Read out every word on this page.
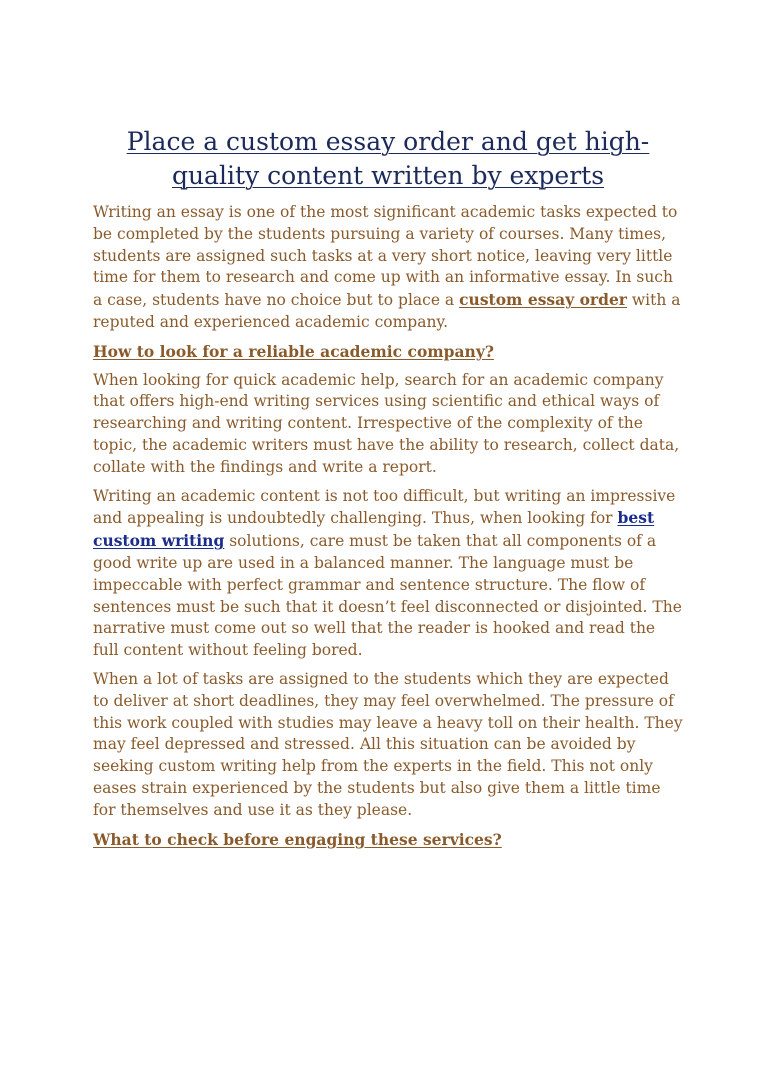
Place a custom essay order and get high-quality content written by experts

Writing an essay is one of the most significant academic tasks expected to be completed by the students pursuing a variety of courses. Many times, students are assigned such tasks at a very short notice, leaving very little time for them to research and come up with an informative essay. In such a case, students have no choice but to place a custom essay order with a reputed and experienced academic company.

How to look for a reliable academic company?

When looking for quick academic help, search for an academic company that offers high-end writing services using scientific and ethical ways of researching and writing content. Irrespective of the complexity of the topic, the academic writers must have the ability to research, collect data, collate with the findings and write a report.

Writing an academic content is not too difficult, but writing an impressive and appealing is undoubtedly challenging. Thus, when looking for best custom writing solutions, care must be taken that all components of a good write up are used in a balanced manner. The language must be impeccable with perfect grammar and sentence structure. The flow of sentences must be such that it doesn’t feel disconnected or disjointed. The narrative must come out so well that the reader is hooked and read the full content without feeling bored.

When a lot of tasks are assigned to the students which they are expected to deliver at short deadlines, they may feel overwhelmed. The pressure of this work coupled with studies may leave a heavy toll on their health. They may feel depressed and stressed. All this situation can be avoided by seeking custom writing help from the experts in the field. This not only eases strain experienced by the students but also give them a little time for themselves and use it as they please.

What to check before engaging these services?
